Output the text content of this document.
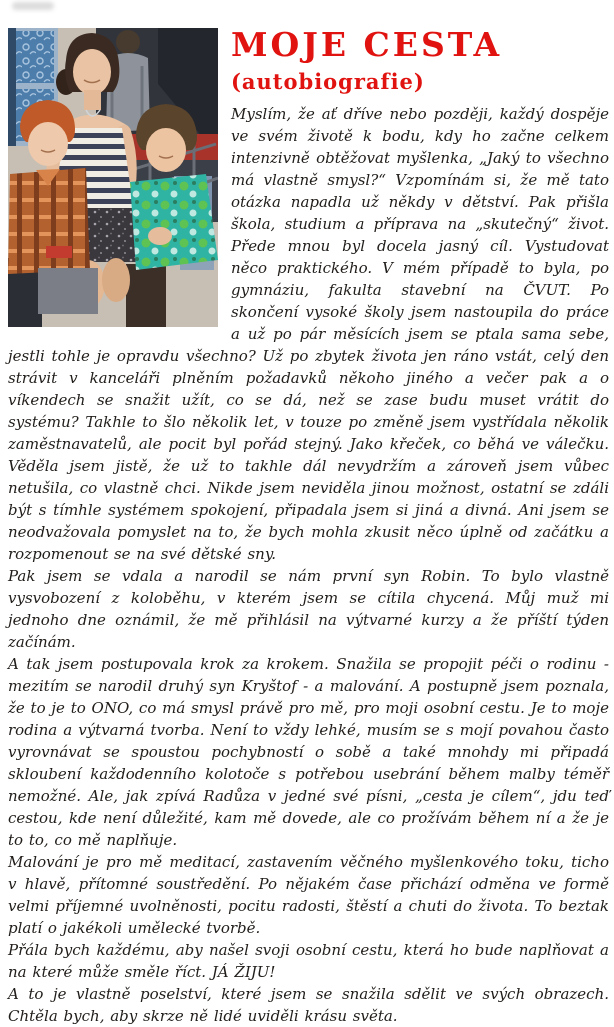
MOJE CESTA
(autobiografie)

Myslím, že ať dříve nebo později, každý dospěje ve svém životě k bodu, kdy ho začne celkem intenzivně obtěžovat myšlenka, „Jaký to všechno má vlastně smysl?“ Vzpomínám si, že mě tato otázka napadla už někdy v dětství. Pak přišla škola, studium a příprava na „skutečný“ život. Přede mnou byl docela jasný cíl. Vystudovat něco praktického. V mém případě to byla, po gymnáziu, fakulta stavební na ČVUT. Po skončení vysoké školy jsem nastoupila do práce a už po pár měsících jsem se ptala sama sebe, jestli tohle je opravdu všechno? Už po zbytek života jen ráno vstát, celý den strávit v kanceláři plněním požadavků někoho jiného a večer pak a o víkendech se snažit užít, co se dá, než se zase budu muset vrátit do systému? Takhle to šlo několik let, v touze po změně jsem vystřídala několik zaměstnavatelů, ale pocit byl pořád stejný. Jako křeček, co běhá ve válečku. Věděla jsem jistě, že už to takhle dál nevydržím a zároveň jsem vůbec netušila, co vlastně chci. Nikde jsem neviděla jinou možnost, ostatní se zdáli být s tímhle systémem spokojení, připadala jsem si jiná a divná. Ani jsem se neodvažovala pomyslet na to, že bych mohla zkusit něco úplně od začátku a rozpomenout se na své dětské sny.

Pak jsem se vdala a narodil se nám první syn Robin. To bylo vlastně vysvobození z koloběhu, v kterém jsem se cítila chycená. Můj muž mi jednoho dne oznámil, že mě přihlásil na výtvarné kurzy a že příští týden začínám.

A tak jsem postupovala krok za krokem. Snažila se propojit péči o rodinu - mezitím se narodil druhý syn Kryštof - a malování. A postupně jsem poznala, že to je to ONO, co má smysl právě pro mě, pro moji osobní cestu. Je to moje rodina a výtvarná tvorba. Není to vždy lehké, musím se s mojí povahou často vyrovnávat se spoustou pochybností o sobě a také mnohdy mi připadá skloubení každodenního kolotoče s potřebou usebrání během malby téměř nemožné. Ale, jak zpívá Radůza v jedné své písni, „cesta je cílem“, jdu teď cestou, kde není důležité, kam mě dovede, ale co prožívám během ní a že je to to, co mě naplňuje.

Malování je pro mě meditací, zastavením věčného myšlenkového toku, ticho v hlavě, přítomné soustředění. Po nějakém čase přichází odměna ve formě velmi příjemné uvolněnosti, pocitu radosti, štěstí a chuti do života. To beztak platí o jakékoli umělecké tvorbě.

Přála bych každému, aby našel svoji osobní cestu, která ho bude naplňovat a na které může směle říct. JÁ ŽIJU!

A to je vlastně poselství, které jsem se snažila sdělit ve svých obrazech. Chtěla bych, aby skrze ně lidé uviděli krásu světa.
